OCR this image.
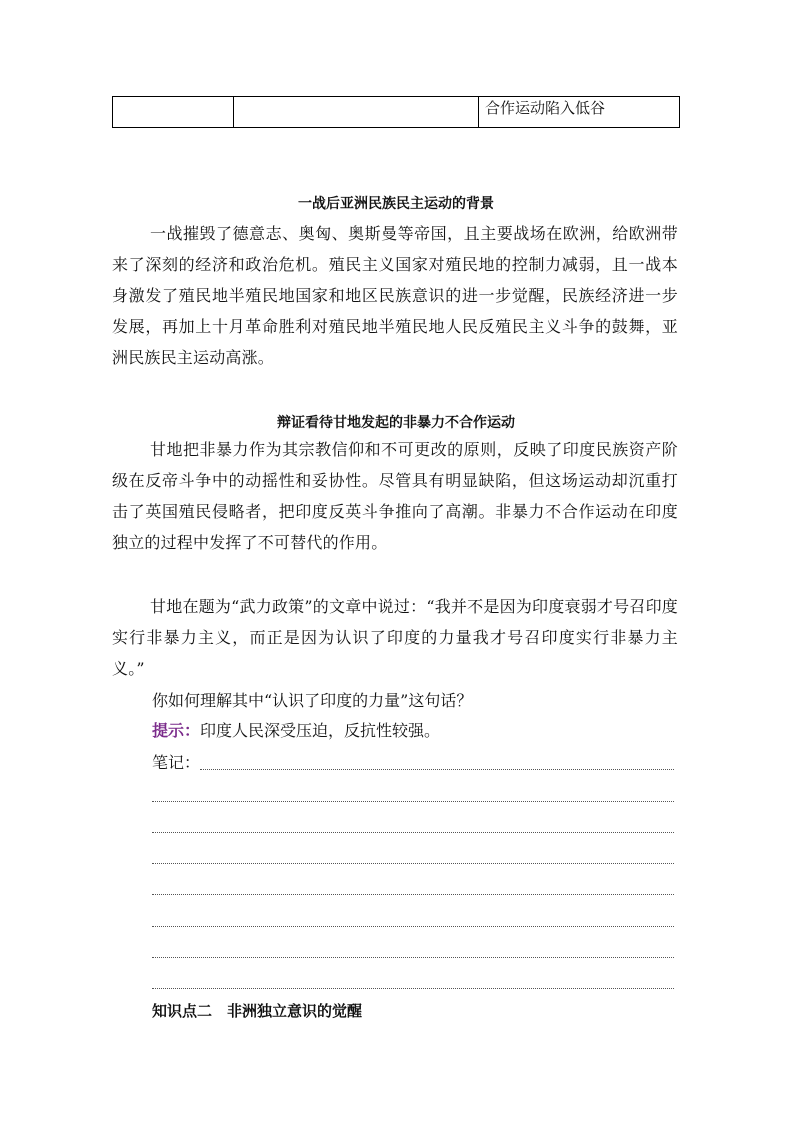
		合作运动陷入低谷
一战后亚洲民族民主运动的背景
一战摧毁了德意志、奥匈、奥斯曼等帝国，且主要战场在欧洲，给欧洲带来了深刻的经济和政治危机。殖民主义国家对殖民地的控制力减弱，且一战本身激发了殖民地半殖民地国家和地区民族意识的进一步觉醒，民族经济进一步发展，再加上十月革命胜利对殖民地半殖民地人民反殖民主义斗争的鼓舞，亚洲民族民主运动高涨。
辩证看待甘地发起的非暴力不合作运动
甘地把非暴力作为其宗教信仰和不可更改的原则，反映了印度民族资产阶级在反帝斗争中的动摇性和妥协性。尽管具有明显缺陷，但这场运动却沉重打击了英国殖民侵略者，把印度反英斗争推向了高潮。非暴力不合作运动在印度独立的过程中发挥了不可替代的作用。
甘地在题为“武力政策”的文章中说过：“我并不是因为印度衰弱才号召印度实行非暴力主义，而正是因为认识了印度的力量我才号召印度实行非暴力主义。”
你如何理解其中“认识了印度的力量”这句话？
提示：印度人民深受压迫，反抗性较强。
笔记：
知识点二　非洲独立意识的觉醒
